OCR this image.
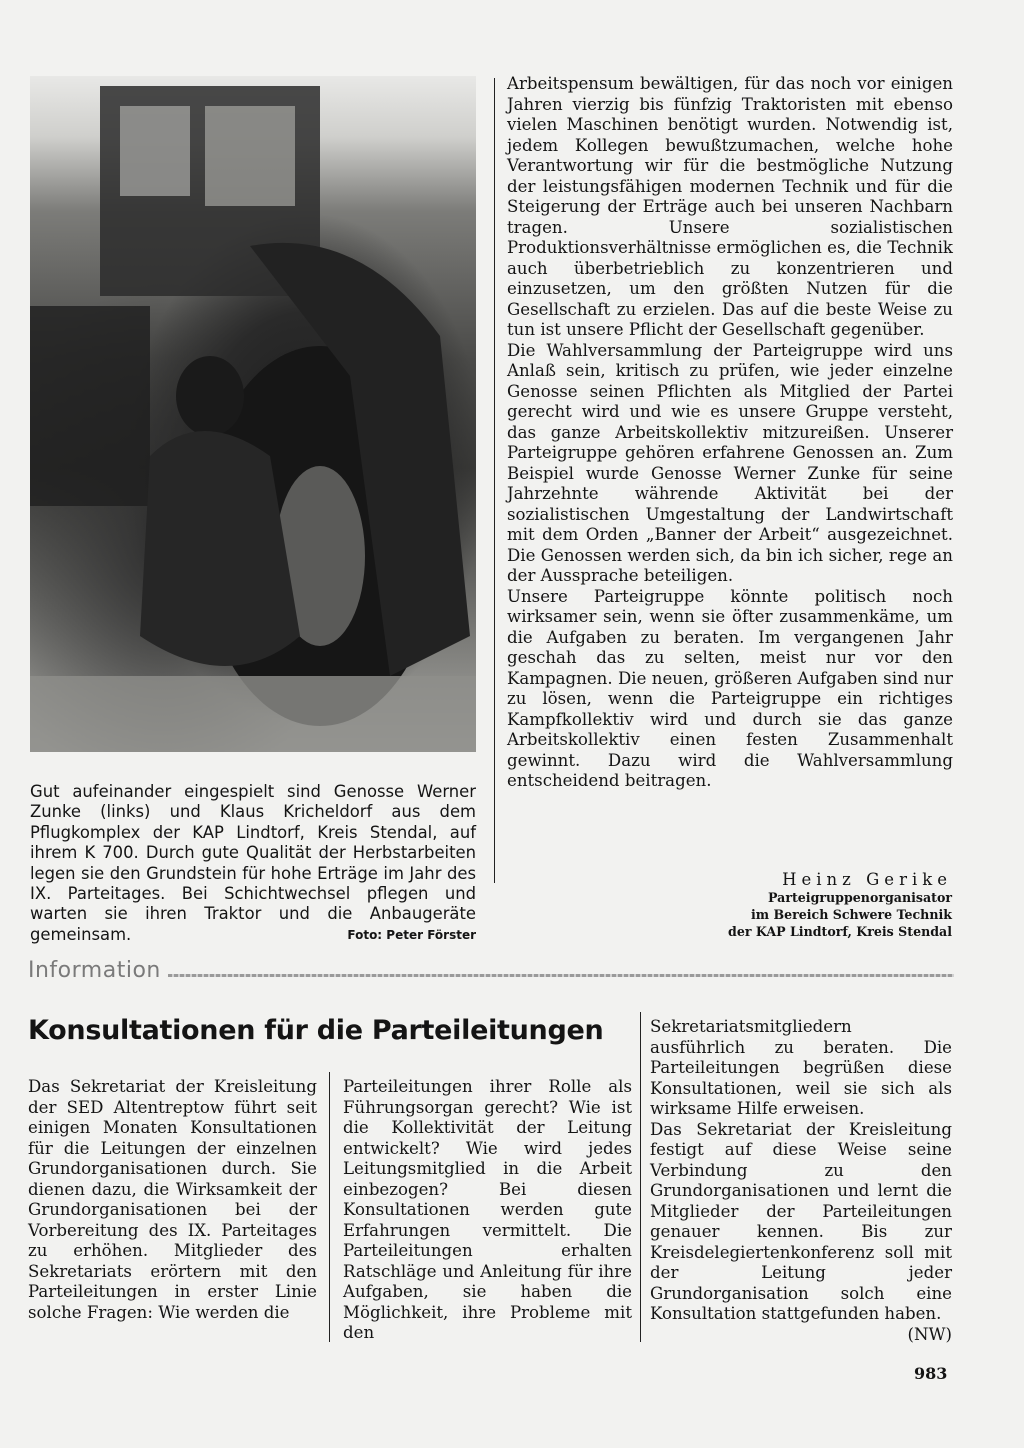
Gut aufeinander eingespielt sind Genosse Werner Zunke (links) und Klaus Kricheldorf aus dem Pflugkomplex der KAP Lindtorf, Kreis Stendal, auf ihrem K 700. Durch gute Qualität der Herbstarbeiten legen sie den Grundstein für hohe Erträge im Jahr des IX. Parteitages. Bei Schichtwechsel pflegen und warten sie ihren Traktor und die Anbaugeräte gemeinsam.	Foto: Peter Förster

Arbeitspensum bewältigen, für das noch vor einigen Jahren vierzig bis fünfzig Traktoristen mit ebenso vielen Maschinen benötigt wurden. Notwendig ist, jedem Kollegen bewußtzumachen, welche hohe Verantwortung wir für die bestmögliche Nutzung der leistungsfähigen modernen Technik und für die Steigerung der Erträge auch bei unseren Nachbarn tragen. Unsere sozialistischen Produktionsverhältnisse ermöglichen es, die Technik auch überbetrieblich zu konzentrieren und einzusetzen, um den größten Nutzen für die Gesellschaft zu erzielen. Das auf die beste Weise zu tun ist unsere Pflicht der Gesellschaft gegenüber.

Die Wahlversammlung der Parteigruppe wird uns Anlaß sein, kritisch zu prüfen, wie jeder einzelne Genosse seinen Pflichten als Mitglied der Partei gerecht wird und wie es unsere Gruppe versteht, das ganze Arbeitskollektiv mitzureißen. Unserer Parteigruppe gehören erfahrene Genossen an. Zum Beispiel wurde Genosse Werner Zunke für seine Jahrzehnte währende Aktivität bei der sozialistischen Umgestaltung der Landwirtschaft mit dem Orden „Banner der Arbeit“ ausgezeichnet. Die Genossen werden sich, da bin ich sicher, rege an der Aussprache beteiligen.

Unsere Parteigruppe könnte politisch noch wirksamer sein, wenn sie öfter zusammenkäme, um die Aufgaben zu beraten. Im vergangenen Jahr geschah das zu selten, meist nur vor den Kampagnen. Die neuen, größeren Aufgaben sind nur zu lösen, wenn die Parteigruppe ein richtiges Kampfkollektiv wird und durch sie das ganze Arbeitskollektiv einen festen Zusammenhalt gewinnt. Dazu wird die Wahlversammlung entscheidend beitragen.

Heinz Gerike
Parteigruppenorganisator
im Bereich Schwere Technik
der KAP Lindtorf, Kreis Stendal
Information
Konsultationen für die Parteileitungen
Das Sekretariat der Kreisleitung der SED Altentreptow führt seit einigen Monaten Konsultationen für die Leitungen der einzelnen Grundorganisationen durch. Sie dienen dazu, die Wirksamkeit der Grundorganisationen bei der Vorbereitung des IX. Parteitages zu erhöhen. Mitglieder des Sekretariats erörtern mit den Parteileitungen in erster Linie solche Fragen: Wie werden die
Parteileitungen ihrer Rolle als Führungsorgan gerecht? Wie ist die Kollektivität der Leitung entwickelt? Wie wird jedes Leitungsmitglied in die Arbeit einbezogen? Bei diesen Konsultationen werden gute Erfahrungen vermittelt. Die Parteileitungen erhalten Ratschläge und Anleitung für ihre Aufgaben, sie haben die Möglichkeit, ihre Probleme mit den

Sekretariatsmitgliedern ausführlich zu beraten. Die Parteileitungen begrüßen diese Konsultationen, weil sie sich als wirksame Hilfe erweisen.

Das Sekretariat der Kreisleitung festigt auf diese Weise seine Verbindung zu den Grundorganisationen und lernt die Mitglieder der Parteileitungen genauer kennen. Bis zur Kreisdelegiertenkonferenz soll mit der Leitung jeder Grundorganisation solch eine Konsultation stattgefunden haben.
(NW)

983
